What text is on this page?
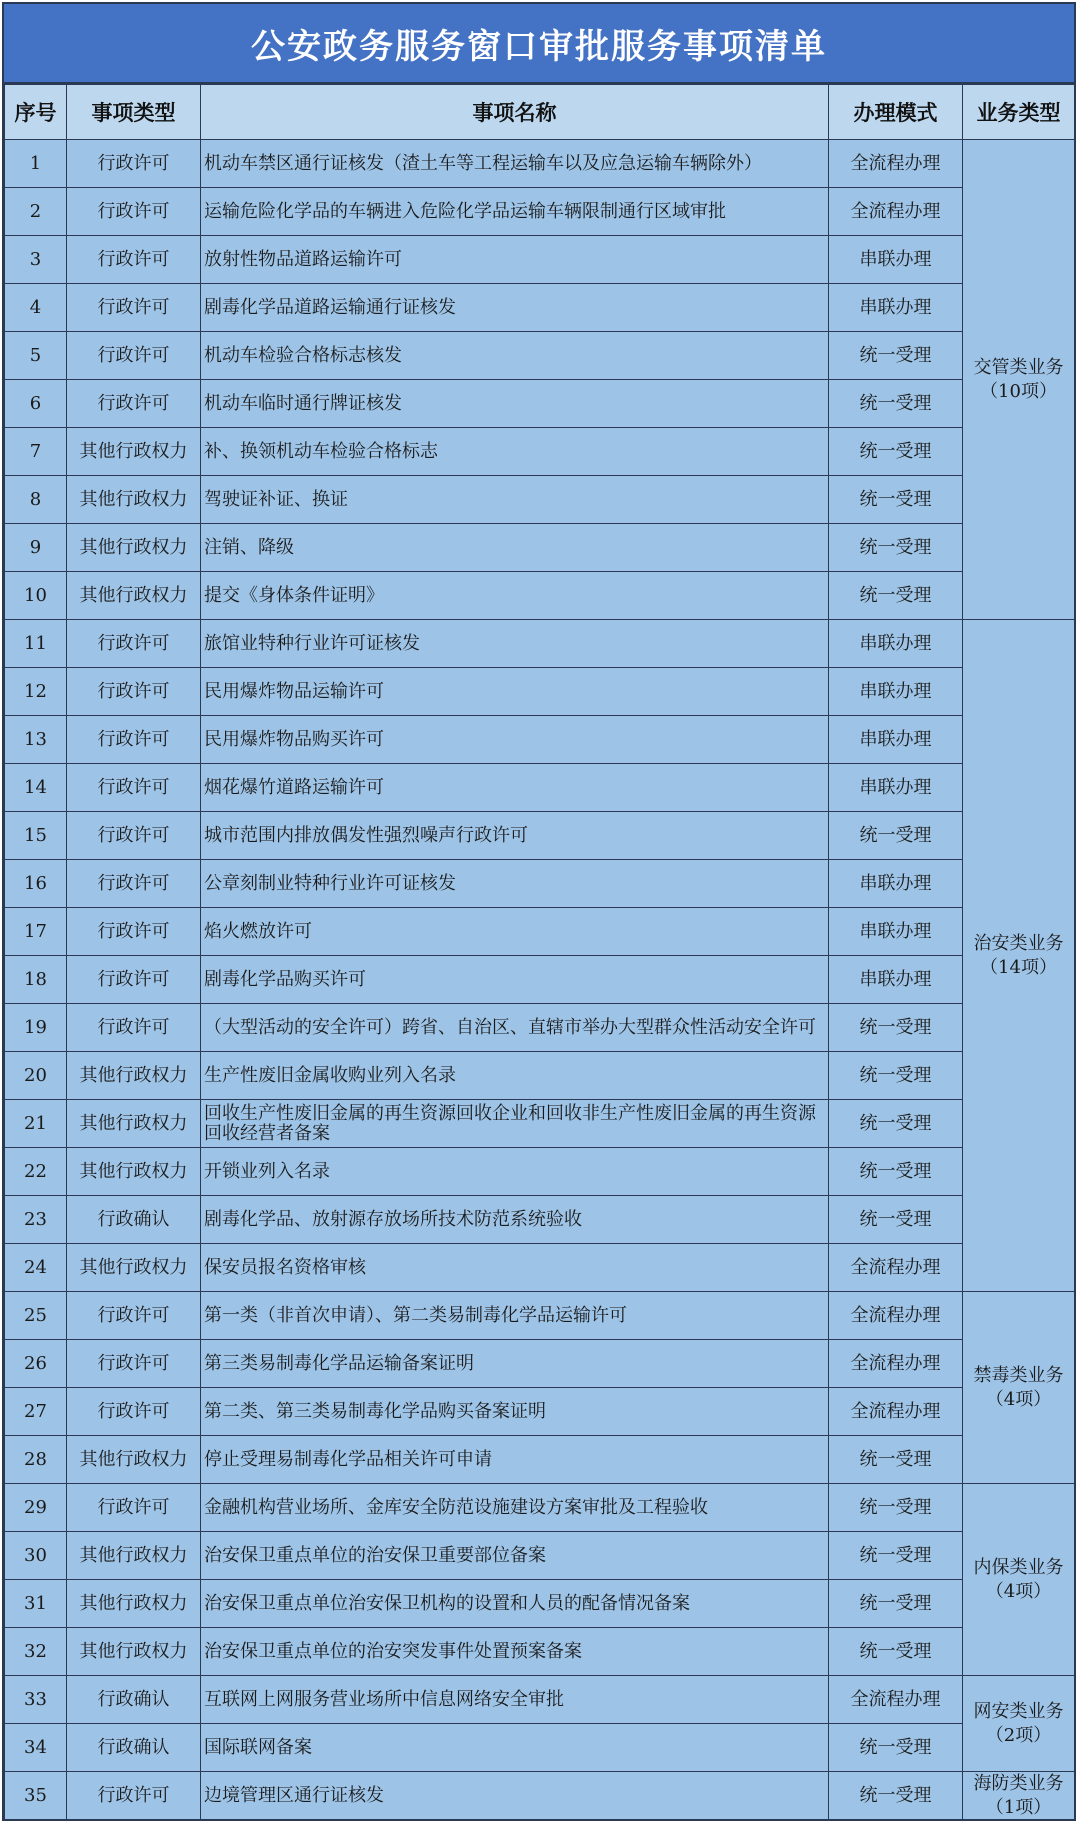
公安政务服务窗口审批服务事项清单
序号	事项类型	事项名称	办理模式	业务类型
1	行政许可	机动车禁区通行证核发（渣土车等工程运输车以及应急运输车辆除外）	全流程办理	交管类业务
（10项）

2	行政许可	运输危险化学品的车辆进入危险化学品运输车辆限制通行区域审批	全流程办理	
3	行政许可	放射性物品道路运输许可	串联办理	
4	行政许可	剧毒化学品道路运输通行证核发	串联办理	
5	行政许可	机动车检验合格标志核发	统一受理	
6	行政许可	机动车临时通行牌证核发	统一受理	
7	其他行政权力	补、换领机动车检验合格标志	统一受理	
8	其他行政权力	驾驶证补证、换证	统一受理	
9	其他行政权力	注销、降级	统一受理	
10	其他行政权力	提交《身体条件证明》	统一受理	
11	行政许可	旅馆业特种行业许可证核发	串联办理	治安类业务
（14项）

12	行政许可	民用爆炸物品运输许可	串联办理	
13	行政许可	民用爆炸物品购买许可	串联办理	
14	行政许可	烟花爆竹道路运输许可	串联办理	
15	行政许可	城市范围内排放偶发性强烈噪声行政许可	统一受理	
16	行政许可	公章刻制业特种行业许可证核发	串联办理	
17	行政许可	焰火燃放许可	串联办理	
18	行政许可	剧毒化学品购买许可	串联办理	
19	行政许可	（大型活动的安全许可）跨省、自治区、直辖市举办大型群众性活动安全许可	统一受理	
20	其他行政权力	生产性废旧金属收购业列入名录	统一受理	
21	其他行政权力	回收生产性废旧金属的再生资源回收企业和回收非生产性废旧金属的再生资源回收经营者备案	统一受理	
22	其他行政权力	开锁业列入名录	统一受理	
23	行政确认	剧毒化学品、放射源存放场所技术防范系统验收	统一受理	
24	其他行政权力	保安员报名资格审核	全流程办理	
25	行政许可	第一类（非首次申请）、第二类易制毒化学品运输许可	全流程办理	禁毒类业务
（4项）

26	行政许可	第三类易制毒化学品运输备案证明	全流程办理	
27	行政许可	第二类、第三类易制毒化学品购买备案证明	全流程办理	
28	其他行政权力	停止受理易制毒化学品相关许可申请	统一受理	
29	行政许可	金融机构营业场所、金库安全防范设施建设方案审批及工程验收	统一受理	内保类业务
（4项）

30	其他行政权力	治安保卫重点单位的治安保卫重要部位备案	统一受理	
31	其他行政权力	治安保卫重点单位治安保卫机构的设置和人员的配备情况备案	统一受理	
32	其他行政权力	治安保卫重点单位的治安突发事件处置预案备案	统一受理	
33	行政确认	互联网上网服务营业场所中信息网络安全审批	全流程办理	网安类业务
（2项）

34	行政确认	国际联网备案	统一受理	
35	行政许可	边境管理区通行证核发	统一受理	海防类业务
（1项）
